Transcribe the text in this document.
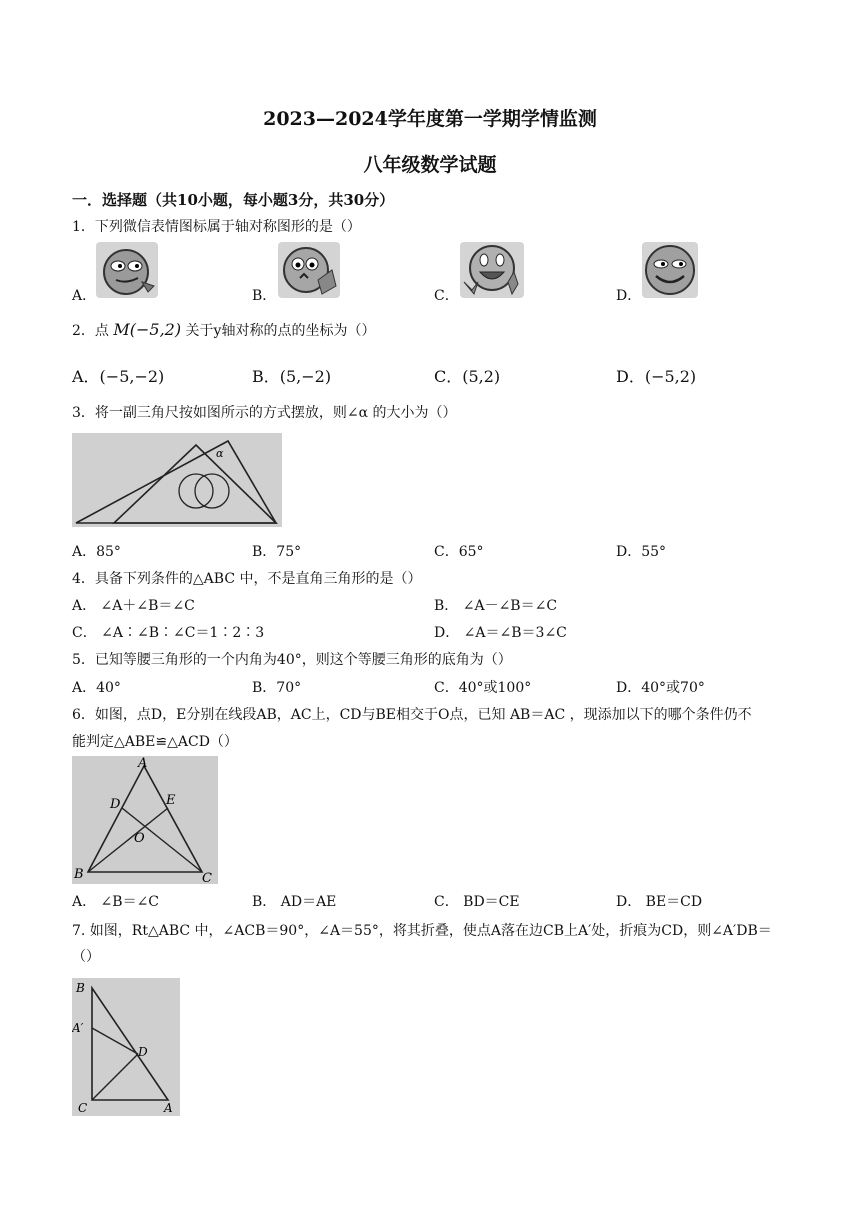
2023—2024学年度第一学期学情监测
八年级数学试题
一．选择题（共10小题，每小题3分，共30分）
1．下列微信表情图标属于轴对称图形的是（）
A．	B．	C．	D．
2．点 M(−5,2) 关于y轴对称的点的坐标为（）
A．(−5,−2)	B．(5,−2)	C．(5,2)	D．(−5,2)
3．将一副三角尺按如图所示的方式摆放，则∠α 的大小为（）
α
A．85°	B．75°	C．65°	D．55°
4．具备下列条件的△ABC 中，不是直角三角形的是（）
A． ∠A＋∠B＝∠C	B． ∠A－∠B＝∠C
C． ∠A∶∠B∶∠C＝1∶2∶3	D． ∠A＝∠B＝3∠C
5．已知等腰三角形的一个内角为40°，则这个等腰三角形的底角为（）
A．40°	B．70°	C．40°或100°	D．40°或70°
6．如图，点D，E分别在线段AB，AC上，CD与BE相交于O点，已知 AB＝AC ，现添加以下的哪个条件仍不
能判定△ABE≌△ACD（）
A
D	E
O
B	C
A． ∠B＝∠C	B． AD＝AE	C． BD＝CE	D． BE＝CD
7. 如图，Rt△ABC 中，∠ACB＝90°，∠A＝55°，将其折叠，使点A落在边CB上A′处，折痕为CD，则∠A′DB＝
（）
B
A′
D
C	A
